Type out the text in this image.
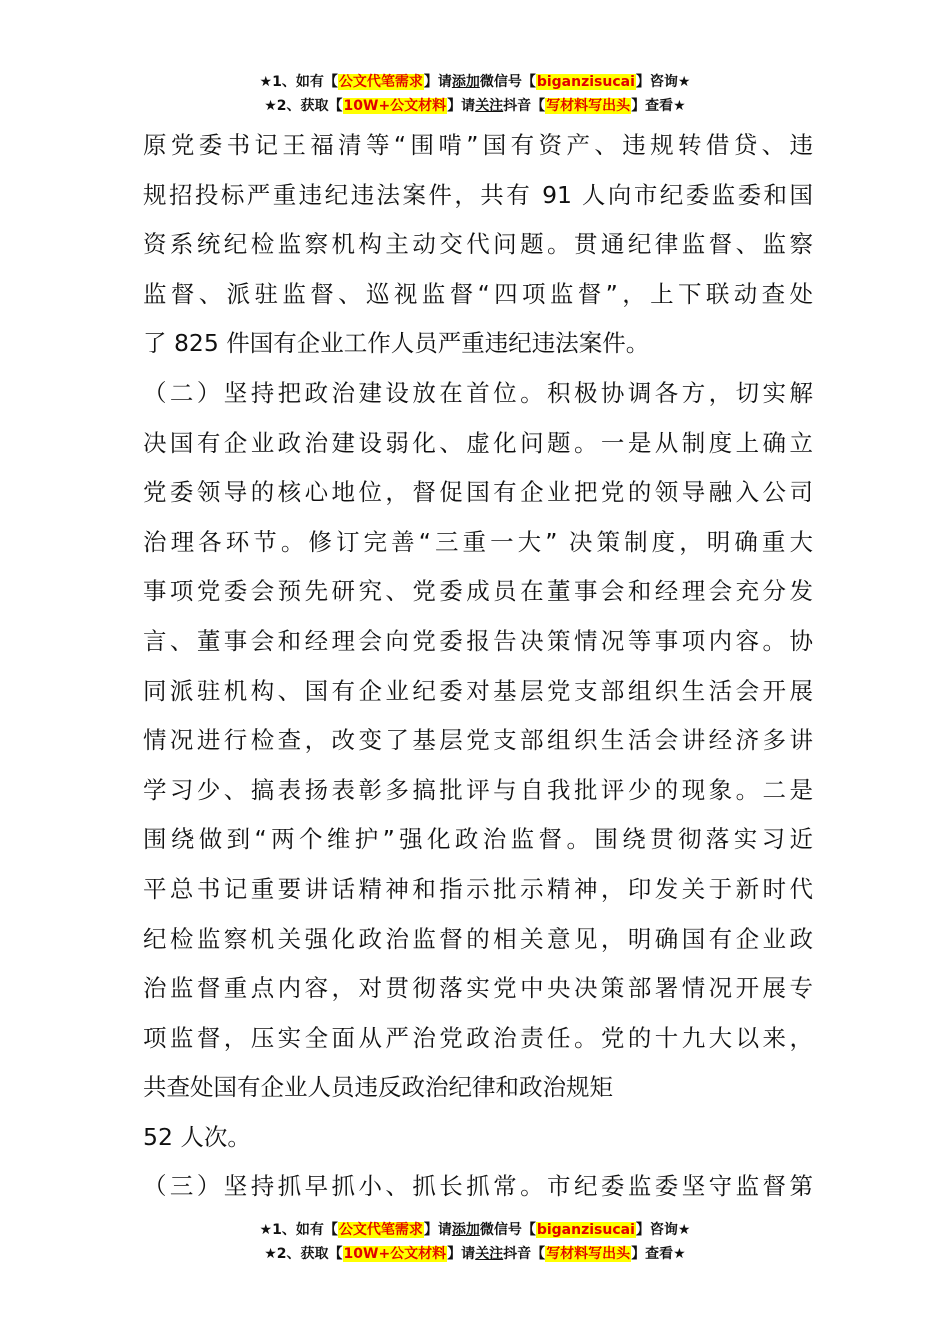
★1、如有【公文代笔需求】请添加微信号【biganzisucai】咨询★
★2、获取【10W+公文材料】请关注抖音【写材料写出头】查看★
原党委书记王福清等“围啃”国有资产、违规转借贷、违
规招投标严重违纪违法案件，共有 91 人向市纪委监委和国
资系统纪检监察机构主动交代问题。贯通纪律监督、监察
监督、派驻监督、巡视监督“四项监督”，上下联动查处
了 825 件国有企业工作人员严重违纪违法案件。
（二）坚持把政治建设放在首位。积极协调各方，切实解
决国有企业政治建设弱化、虚化问题。一是从制度上确立
党委领导的核心地位，督促国有企业把党的领导融入公司
治理各环节。修订完善“三重一大” 决策制度，明确重大
事项党委会预先研究、党委成员在董事会和经理会充分发
言、董事会和经理会向党委报告决策情况等事项内容。协
同派驻机构、国有企业纪委对基层党支部组织生活会开展
情况进行检查，改变了基层党支部组织生活会讲经济多讲
学习少、搞表扬表彰多搞批评与自我批评少的现象。二是
围绕做到“两个维护”强化政治监督。围绕贯彻落实习近
平总书记重要讲话精神和指示批示精神，印发关于新时代
纪检监察机关强化政治监督的相关意见，明确国有企业政
治监督重点内容，对贯彻落实党中央决策部署情况开展专
项监督，压实全面从严治党政治责任。党的十九大以来，
共查处国有企业人员违反政治纪律和政治规矩
52 人次。
（三）坚持抓早抓小、抓长抓常。市纪委监委坚守监督第
★1、如有【公文代笔需求】请添加微信号【biganzisucai】咨询★
★2、获取【10W+公文材料】请关注抖音【写材料写出头】查看★
